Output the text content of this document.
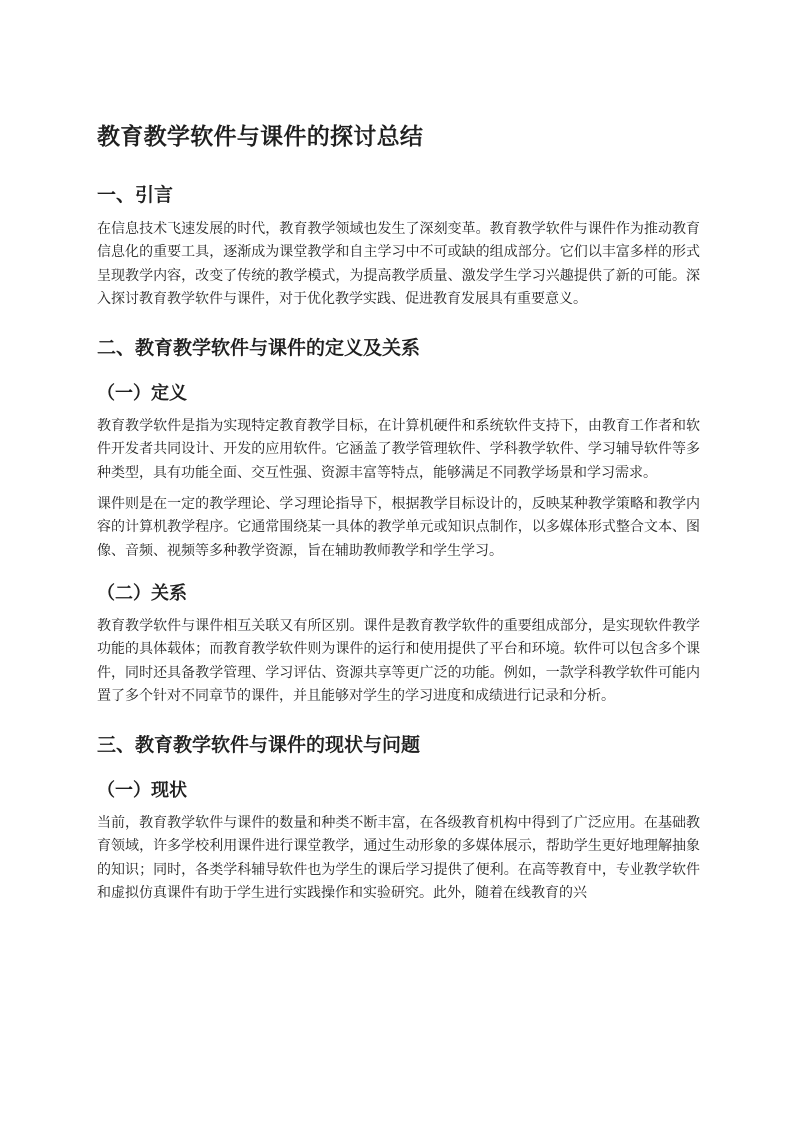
教育教学软件与课件的探讨总结
一、引言
在信息技术飞速发展的时代，教育教学领域也发生了深刻变革。教育教学软件与课件作为推动教育信息化的重要工具，逐渐成为课堂教学和自主学习中不可或缺的组成部分。它们以丰富多样的形式呈现教学内容，改变了传统的教学模式，为提高教学质量、激发学生学习兴趣提供了新的可能。深入探讨教育教学软件与课件，对于优化教学实践、促进教育发展具有重要意义。
二、教育教学软件与课件的定义及关系
（一）定义
教育教学软件是指为实现特定教育教学目标，在计算机硬件和系统软件支持下，由教育工作者和软件开发者共同设计、开发的应用软件。它涵盖了教学管理软件、学科教学软件、学习辅导软件等多种类型，具有功能全面、交互性强、资源丰富等特点，能够满足不同教学场景和学习需求。
课件则是在一定的教学理论、学习理论指导下，根据教学目标设计的，反映某种教学策略和教学内容的计算机教学程序。它通常围绕某一具体的教学单元或知识点制作，以多媒体形式整合文本、图像、音频、视频等多种教学资源，旨在辅助教师教学和学生学习。
（二）关系
教育教学软件与课件相互关联又有所区别。课件是教育教学软件的重要组成部分，是实现软件教学功能的具体载体；而教育教学软件则为课件的运行和使用提供了平台和环境。软件可以包含多个课件，同时还具备教学管理、学习评估、资源共享等更广泛的功能。例如，一款学科教学软件可能内置了多个针对不同章节的课件，并且能够对学生的学习进度和成绩进行记录和分析。
三、教育教学软件与课件的现状与问题
（一）现状
当前，教育教学软件与课件的数量和种类不断丰富，在各级教育机构中得到了广泛应用。在基础教育领域，许多学校利用课件进行课堂教学，通过生动形象的多媒体展示，帮助学生更好地理解抽象的知识；同时，各类学科辅导软件也为学生的课后学习提供了便利。在高等教育中，专业教学软件和虚拟仿真课件有助于学生进行实践操作和实验研究。此外，随着在线教育的兴
